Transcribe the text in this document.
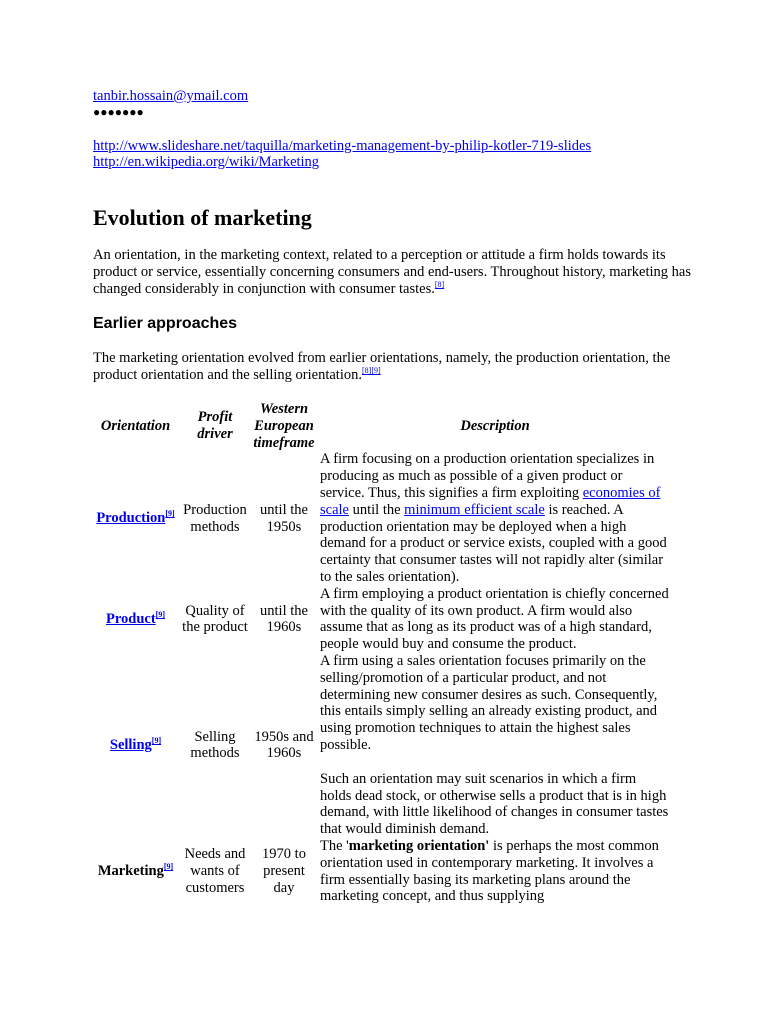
tanbir.hossain@ymail.com
●●●●●●●
http://www.slideshare.net/taquilla/marketing-management-by-philip-kotler-719-slides
http://en.wikipedia.org/wiki/Marketing
Evolution of marketing

An orientation, in the marketing context, related to a perception or attitude a firm holds towards its product or service, essentially concerning consumers and end-users. Throughout history, marketing has changed considerably in conjunction with consumer tastes.[8]

Earlier approaches

The marketing orientation evolved from earlier orientations, namely, the production orientation, the product orientation and the selling orientation.[8][9]

Orientation	Profit driver	Western European timeframe	Description
Production[9]	Production methods	until the 1950s	A firm focusing on a production orientation specializes in producing as much as possible of a given product or service. Thus, this signifies a firm exploiting economies of scale until the minimum efficient scale is reached. A production orientation may be deployed when a high demand for a product or service exists, coupled with a good certainty that consumer tastes will not rapidly alter (similar to the sales orientation).
Product[9]	Quality of the product	until the 1960s	A firm employing a product orientation is chiefly concerned with the quality of its own product. A firm would also assume that as long as its product was of a high standard, people would buy and consume the product.
Selling[9]	Selling methods	1950s and 1960s	A firm using a sales orientation focuses primarily on the selling/promotion of a particular product, and not determining new consumer desires as such. Consequently, this entails simply selling an already existing product, and using promotion techniques to attain the highest sales possible.
Such an orientation may suit scenarios in which a firm holds dead stock, or otherwise sells a product that is in high demand, with little likelihood of changes in consumer tastes that would diminish demand.

Marketing[9]	Needs and wants of customers	1970 to present day	The 'marketing orientation' is perhaps the most common orientation used in contemporary marketing. It involves a firm essentially basing its marketing plans around the marketing concept, and thus supplying
